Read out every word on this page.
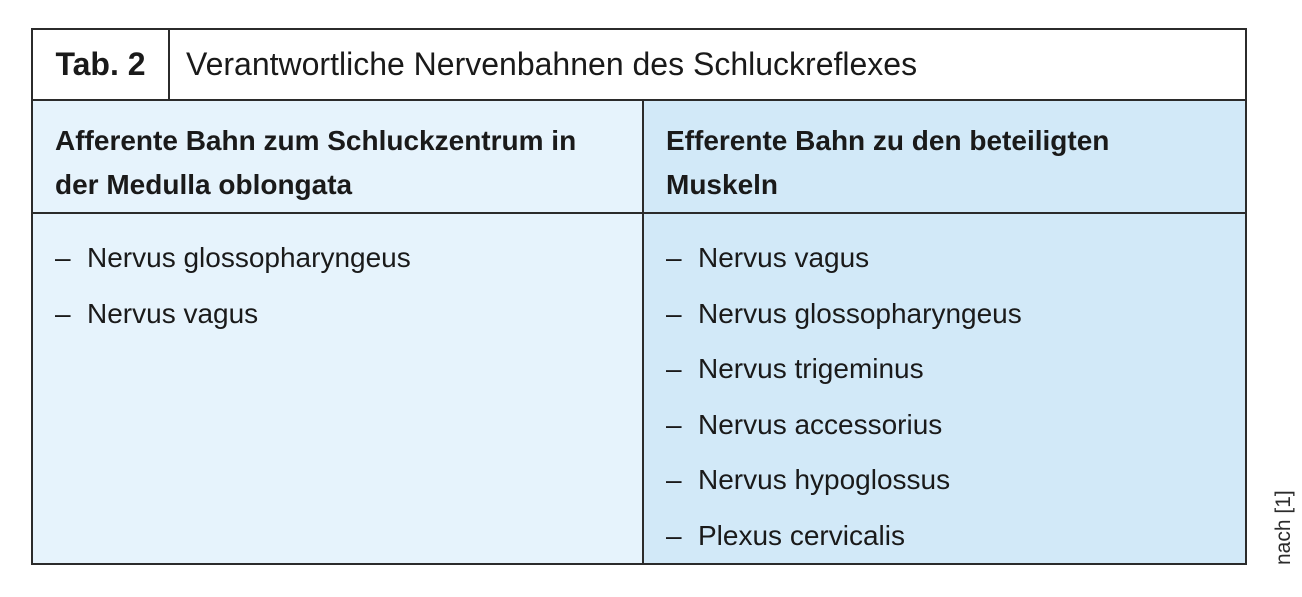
Tab. 2	Verantwortliche Nervenbahnen des Schluckreflexes
Afferente Bahn zum Schluckzentrum in der Medulla oblongata
Efferente Bahn zu den beteiligten Muskeln
– Nervus glossopharyngeus
– Nervus vagus
– Nervus vagus
– Nervus glossopharyngeus
– Nervus trigeminus
– Nervus accessorius
– Nervus hypoglossus
– Plexus cervicalis	nach [1]
